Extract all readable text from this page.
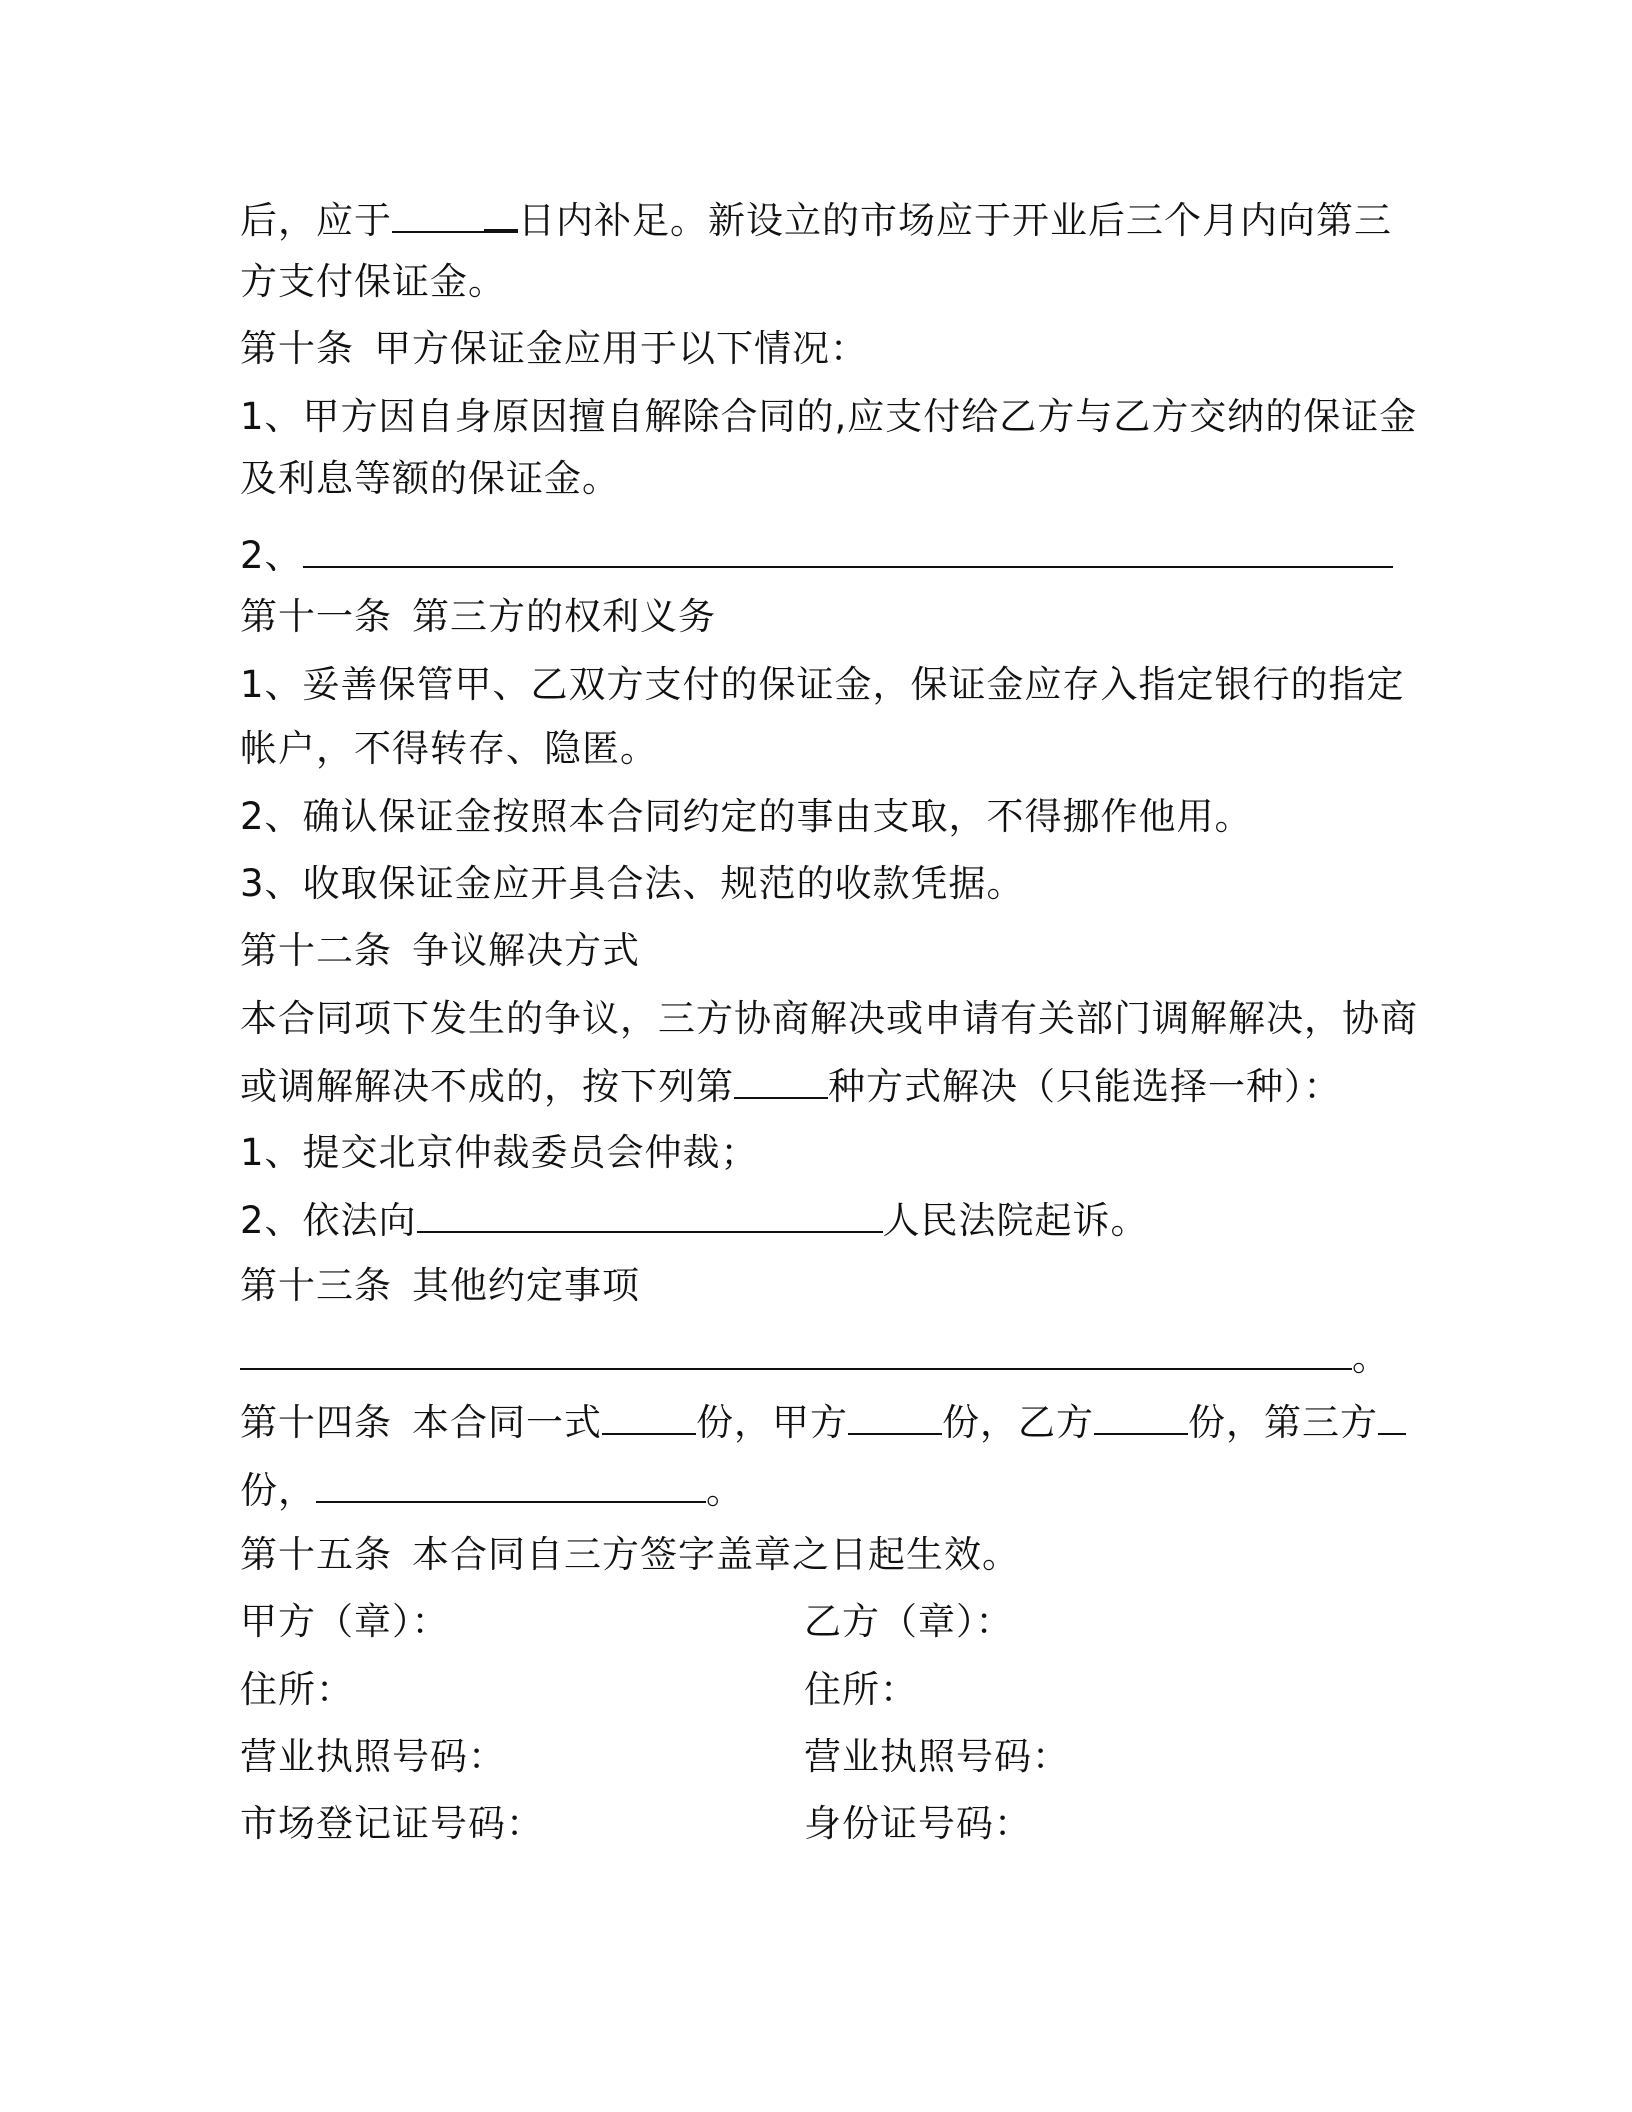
后，应于	日内补足。新设立的市场应于开业后三个月内向第三
方支付保证金。
第十条 甲方保证金应用于以下情况：
1、甲方因自身原因擅自解除合同的,应支付给乙方与乙方交纳的保证金
及利息等额的保证金。
2、
第十一条 第三方的权利义务
1、妥善保管甲、乙双方支付的保证金，保证金应存入指定银行的指定
帐户，不得转存、隐匿。
2、确认保证金按照本合同约定的事由支取，不得挪作他用。
3、收取保证金应开具合法、规范的收款凭据。
第十二条 争议解决方式
本合同项下发生的争议，三方协商解决或申请有关部门调解解决，协商
或调解解决不成的，按下列第	种方式解决（只能选择一种）：
1、提交北京仲裁委员会仲裁；
2、依法向	人民法院起诉。
第十三条 其他约定事项
。
第十四条 本合同一式	份，甲方	份，乙方	份，第三方
份，	。
第十五条 本合同自三方签字盖章之日起生效。
甲方（章）：	乙方（章）：
住所：	住所：
营业执照号码：	营业执照号码：
市场登记证号码：	身份证号码：
